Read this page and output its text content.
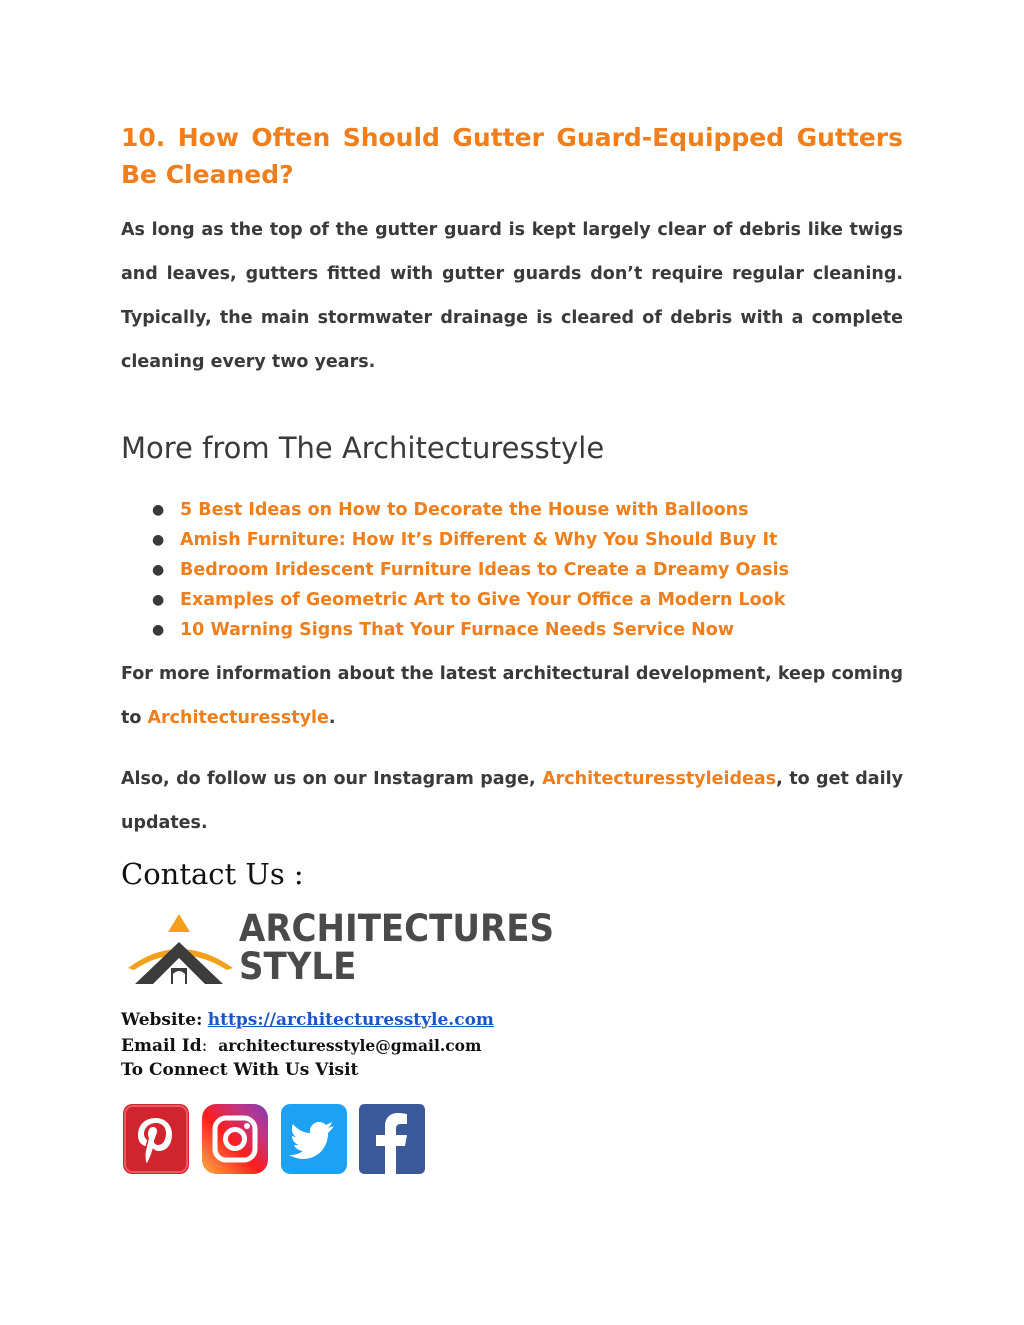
10. How Often Should Gutter Guard-Equipped Gutters Be Cleaned?

As long as the top of the gutter guard is kept largely clear of debris like twigs and leaves, gutters fitted with gutter guards don’t require regular cleaning. Typically, the main stormwater drainage is cleared of debris with a complete cleaning every two years.

More from The Architecturesstyle
● 5 Best Ideas on How to Decorate the House with Balloons
● Amish Furniture: How It’s Different & Why You Should Buy It
● Bedroom Iridescent Furniture Ideas to Create a Dreamy Oasis
● Examples of Geometric Art to Give Your Office a Modern Look
● 10 Warning Signs That Your Furnace Needs Service Now

For more information about the latest architectural development, keep coming to Architecturesstyle.

Also, do follow us on our Instagram page, Architecturesstyleideas, to get daily updates.

Contact Us :
ARCHITECTURES
STYLE

Website: https://architecturesstyle.com

Email Id: architecturesstyle@gmail.com

To Connect With Us Visit
